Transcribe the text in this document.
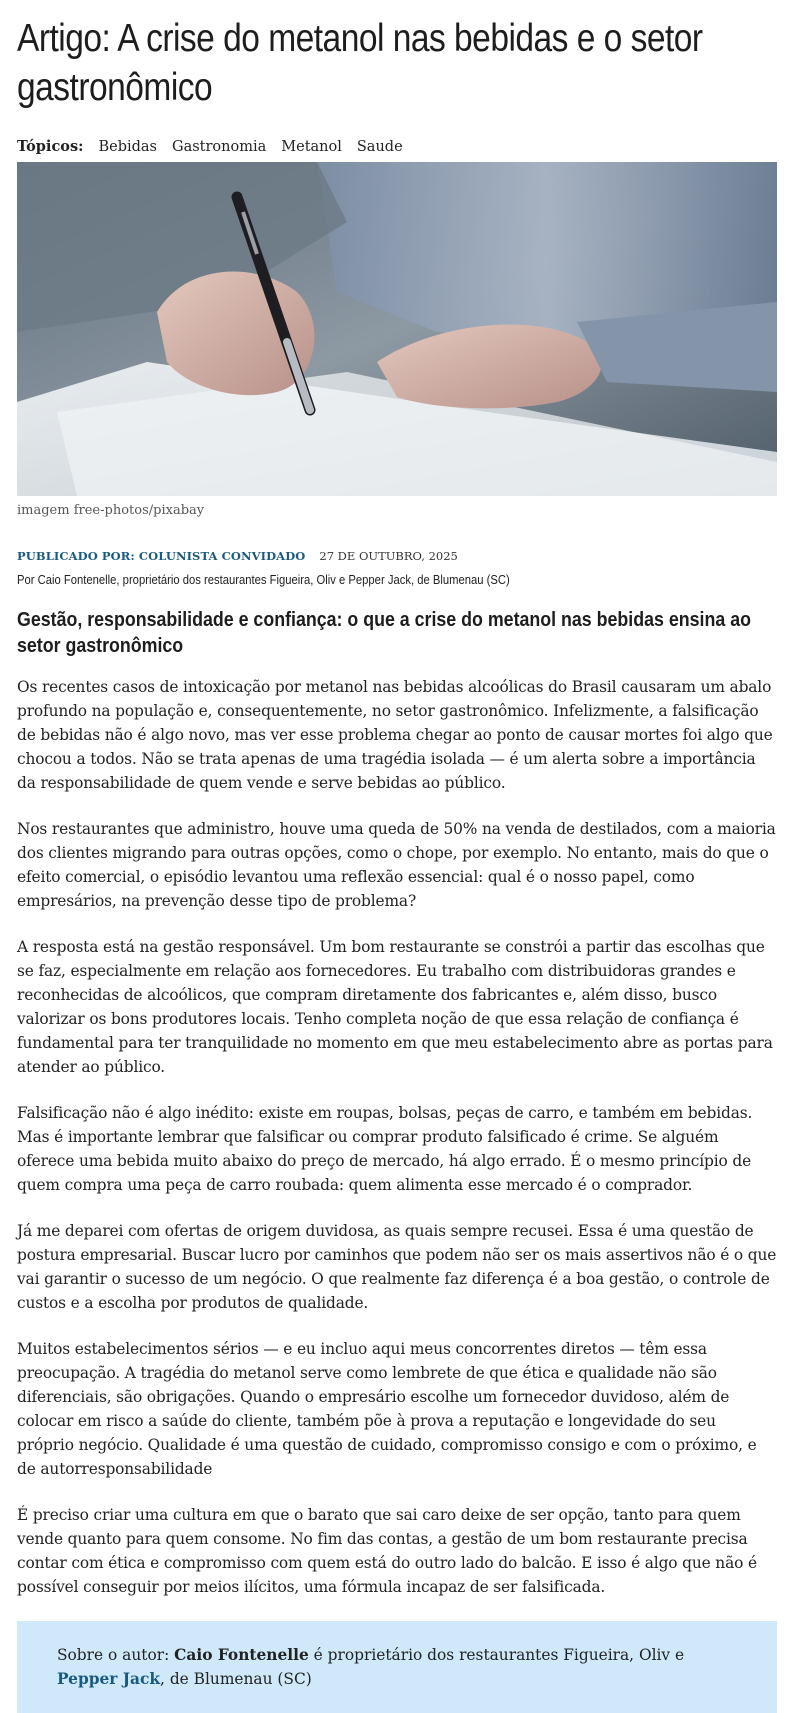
Artigo: A crise do metanol nas bebidas e o setor gastronômico
Tópicos: Bebidas Gastronomia Metanol Saude
imagem free-photos/pixabay
PUBLICADO POR: COLUNISTA CONVIDADO 27 DE OUTUBRO, 2025
Por Caio Fontenelle, proprietário dos restaurantes Figueira, Oliv e Pepper Jack, de Blumenau (SC)
Gestão, responsabilidade e confiança: o que a crise do metanol nas bebidas ensina ao setor gastronômico

Os recentes casos de intoxicação por metanol nas bebidas alcoólicas do Brasil causaram um abalo profundo na população e, consequentemente, no setor gastronômico. Infelizmente, a falsificação de bebidas não é algo novo, mas ver esse problema chegar ao ponto de causar mortes foi algo que chocou a todos. Não se trata apenas de uma tragédia isolada — é um alerta sobre a importância da responsabilidade de quem vende e serve bebidas ao público.

Nos restaurantes que administro, houve uma queda de 50% na venda de destilados, com a maioria dos clientes migrando para outras opções, como o chope, por exemplo. No entanto, mais do que o efeito comercial, o episódio levantou uma reflexão essencial: qual é o nosso papel, como empresários, na prevenção desse tipo de problema?

A resposta está na gestão responsável. Um bom restaurante se constrói a partir das escolhas que se faz, especialmente em relação aos fornecedores. Eu trabalho com distribuidoras grandes e reconhecidas de alcoólicos, que compram diretamente dos fabricantes e, além disso, busco valorizar os bons produtores locais. Tenho completa noção de que essa relação de confiança é fundamental para ter tranquilidade no momento em que meu estabelecimento abre as portas para atender ao público.

Falsificação não é algo inédito: existe em roupas, bolsas, peças de carro, e também em bebidas. Mas é importante lembrar que falsificar ou comprar produto falsificado é crime. Se alguém oferece uma bebida muito abaixo do preço de mercado, há algo errado. É o mesmo princípio de quem compra uma peça de carro roubada: quem alimenta esse mercado é o comprador.

Já me deparei com ofertas de origem duvidosa, as quais sempre recusei. Essa é uma questão de postura empresarial. Buscar lucro por caminhos que podem não ser os mais assertivos não é o que vai garantir o sucesso de um negócio. O que realmente faz diferença é a boa gestão, o controle de custos e a escolha por produtos de qualidade.

Muitos estabelecimentos sérios — e eu incluo aqui meus concorrentes diretos — têm essa preocupação. A tragédia do metanol serve como lembrete de que ética e qualidade não são diferenciais, são obrigações. Quando o empresário escolhe um fornecedor duvidoso, além de colocar em risco a saúde do cliente, também põe à prova a reputação e longevidade do seu próprio negócio. Qualidade é uma questão de cuidado, compromisso consigo e com o próximo, e de autorresponsabilidade

É preciso criar uma cultura em que o barato que sai caro deixe de ser opção, tanto para quem vende quanto para quem consome. No fim das contas, a gestão de um bom restaurante precisa contar com ética e compromisso com quem está do outro lado do balcão. E isso é algo que não é possível conseguir por meios ilícitos, uma fórmula incapaz de ser falsificada.

Sobre o autor: Caio Fontenelle é proprietário dos restaurantes Figueira, Oliv e Pepper Jack, de Blumenau (SC)
